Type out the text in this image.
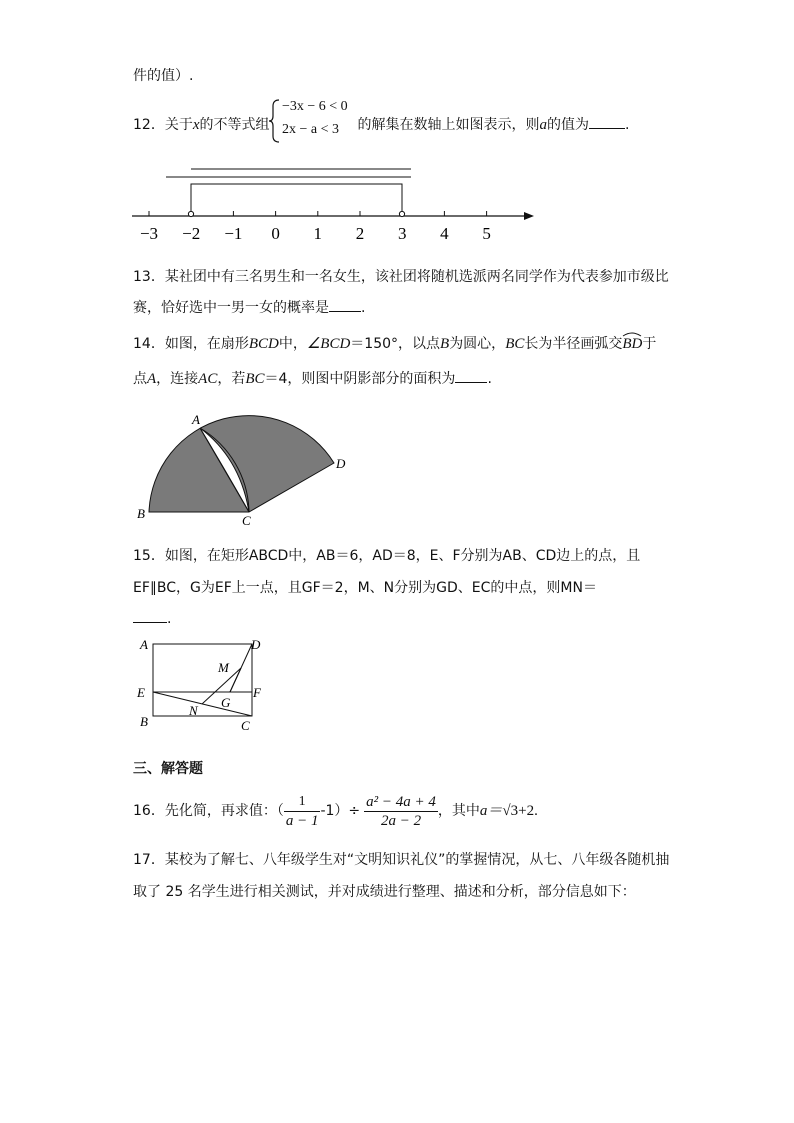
件的值）.
12．关于x的不等式组	的解集在数轴上如图表示，则a的值为	.
−3x − 6 < 0
2x − a < 3
−3 −2 −1 0 1 2 3 4 5
13．某社团中有三名男生和一名女生，该社团将随机选派两名同学作为代表参加市级比
赛，恰好选中一男一女的概率是 .
14．如图，在扇形BCD中，∠BCD＝150°，以点B为圆心，BC长为半径画弧交
BD于
点A，连接AC，若BC＝4，则图中阴影部分的面积为 .
A
B	C
D
15．如图，在矩形ABCD中，AB＝6，AD＝8，E、F分别为AB、CD边上的点，且
EF∥BC，G为EF上一点，且GF＝2，M、N分别为GD、EC的中点，则MN＝
.
A
B	C
D
E	F
G
M
N
三、解答题
16．先化简，再求值：（ $\frac{1}{a - 1} -1)\div \frac{\text{a² − 4a + 4}}{2a - 2}$ ，其中a＝√3+2.
17．某校为了解七、八年级学生对“文明知识礼仪”的掌握情况，从七、八年级各随机抽
取了 25 名学生进行相关测试，并对成绩进行整理、描述和分析，部分信息如下：
